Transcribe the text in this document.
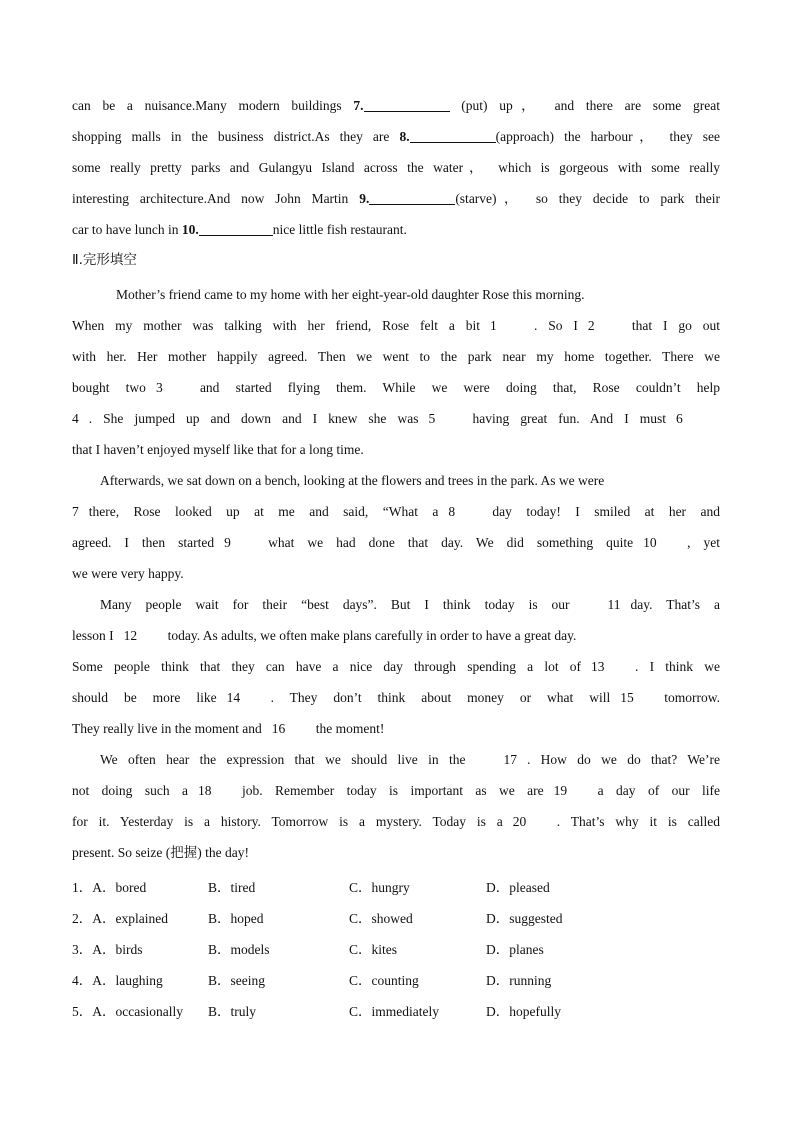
can be a nuisance.Many modern buildings 7.	(put) up， and there are some great
shopping malls in the business district.As they are 8.	(approach) the harbour， they see
some really pretty parks and Gulangyu Island across the water， which is gorgeous with some really
interesting architecture.And now John Martin 9.	(starve)， so they decide to park their
car to have lunch in 10.	nice little fish restaurant.
Ⅱ.完形填空
Mother’s friend came to my home with her eight-year-old daughter Rose this morning.
When my mother was talking with her friend, Rose felt a bit 1	. So I 2	that I go out
with her. Her mother happily agreed. Then we went to the park near my home together. There we
bought two 3	and started flying them. While we were doing that, Rose couldn’t help
4 . She jumped up and down and I knew she was 5	having great fun. And I must 6
that I haven’t enjoyed myself like that for a long time.
Afterwards, we sat down on a bench, looking at the flowers and trees in the park. As we were
7 there, Rose looked up at me and said, “What a 8	day today! I smiled at her and
agreed. I then started 9	what we had done that day. We did something quite 10 , yet
we were very happy.
Many people wait for their “best days”. But I think today is our	11 day. That’s a
lesson I 12 today. As adults, we often make plans carefully in order to have a great day.
Some people think that they can have a nice day through spending a lot of 13 . I think we
should be more like 14 . They don’t think about money or what will 15 tomorrow.
They really live in the moment and 16 the moment!
We often hear the expression that we should live in the	17 . How do we do that? We’re
not doing such a 18 job. Remember today is important as we are 19 a day of our life
for it. Yesterday is a history. Tomorrow is a mystery. Today is a 20 . That’s why it is called
present. So seize (把握) the day!
1．A．bored	B．tired	C．hungry	D．pleased
2．A．explained	B．hoped	C．showed	D．suggested
3．A．birds	B．models	C．kites	D．planes
4．A．laughing	B．seeing	C．counting	D．running
5．A．occasionally B．truly	C．immediately	D．hopefully
